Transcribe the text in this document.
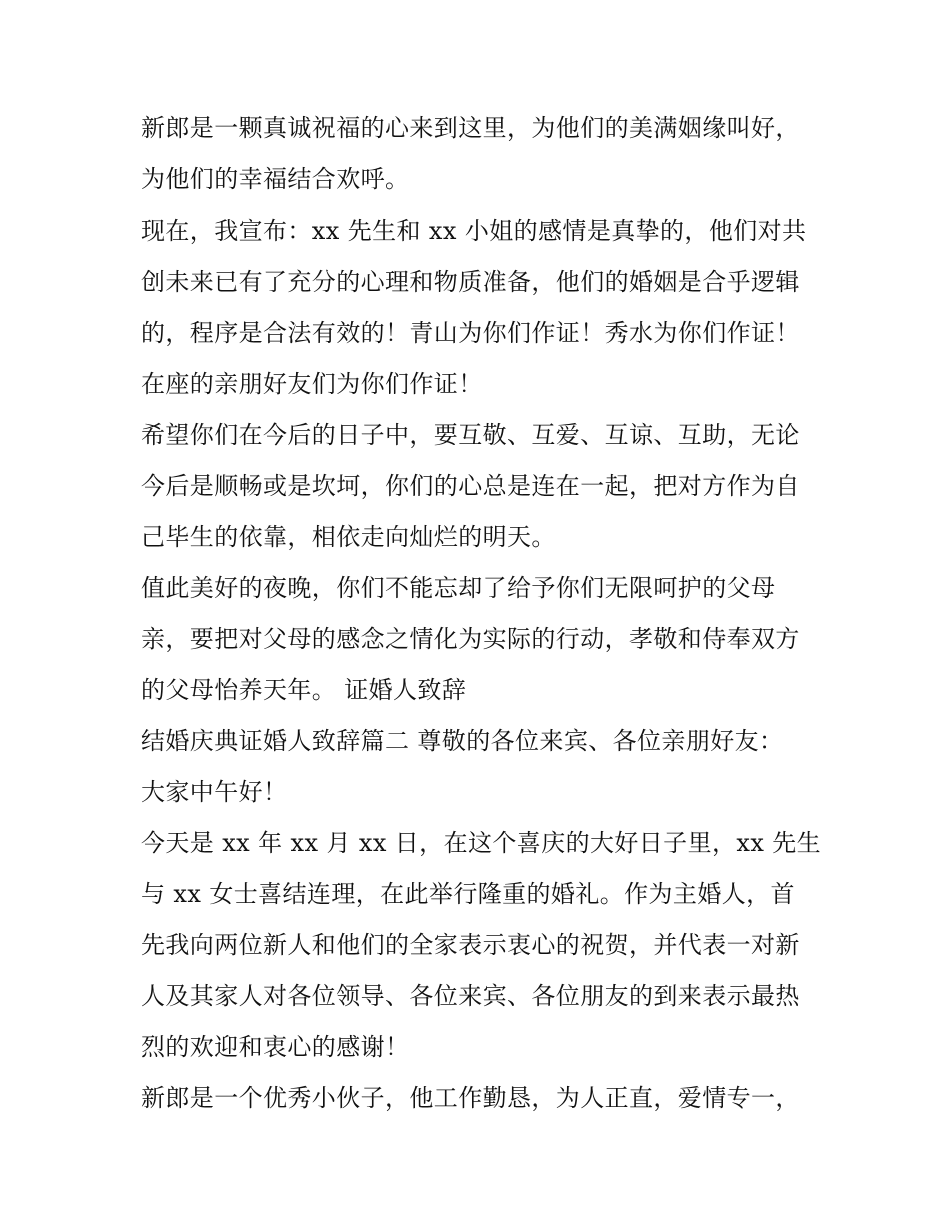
新郎是一颗真诚祝福的心来到这里，为他们的美满姻缘叫好，
为他们的幸福结合欢呼。
现在，我宣布：xx 先生和 xx 小姐的感情是真挚的，他们对共
创未来已有了充分的心理和物质准备，他们的婚姻是合乎逻辑
的，程序是合法有效的！青山为你们作证！秀水为你们作证！
在座的亲朋好友们为你们作证！
希望你们在今后的日子中，要互敬、互爱、互谅、互助，无论
今后是顺畅或是坎坷，你们的心总是连在一起，把对方作为自
己毕生的依靠，相依走向灿烂的明天。
值此美好的夜晚，你们不能忘却了给予你们无限呵护的父母
亲，要把对父母的感念之情化为实际的行动，孝敬和侍奉双方
的父母怡养天年。 证婚人致辞
结婚庆典证婚人致辞篇二 尊敬的各位来宾、各位亲朋好友：
大家中午好！
今天是 xx 年 xx 月 xx 日，在这个喜庆的大好日子里，xx 先生
与 xx 女士喜结连理，在此举行隆重的婚礼。作为主婚人，首
先我向两位新人和他们的全家表示衷心的祝贺，并代表一对新
人及其家人对各位领导、各位来宾、各位朋友的到来表示最热
烈的欢迎和衷心的感谢！
新郎是一个优秀小伙子，他工作勤恳，为人正直，爱情专一，
